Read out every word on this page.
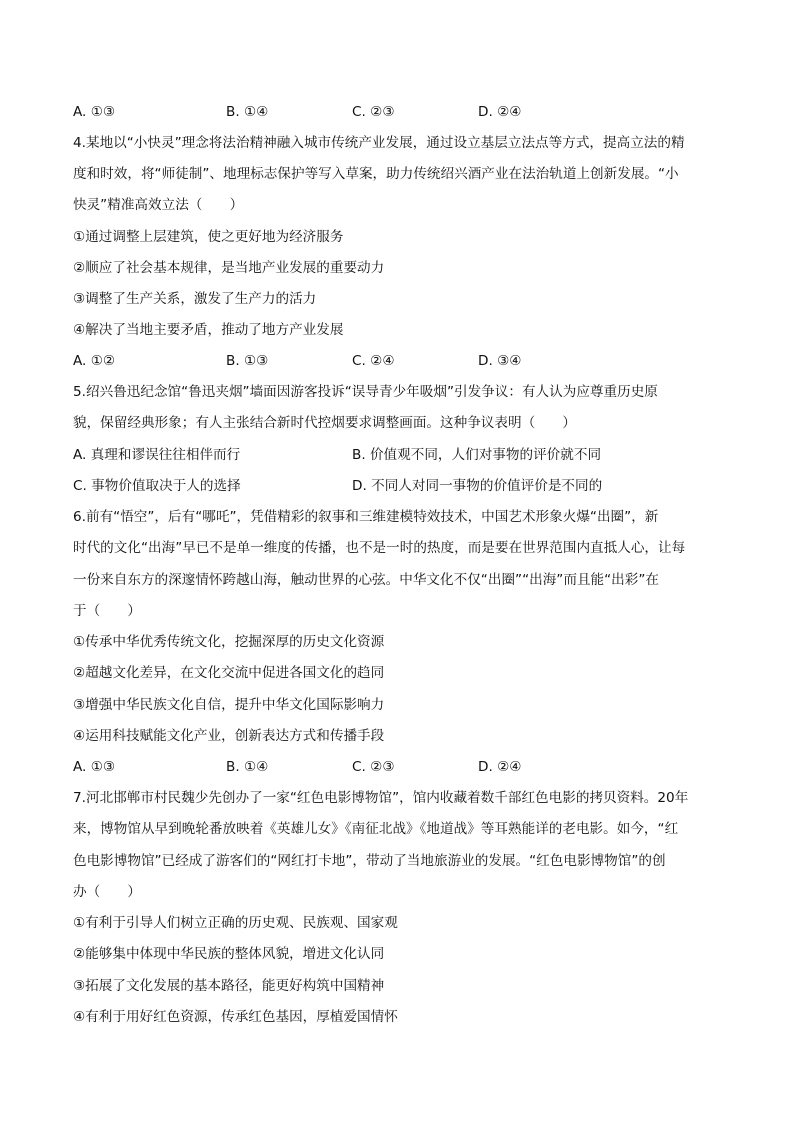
A. ①③	B. ①④	C. ②③	D. ②④
4.某地以“小快灵”理念将法治精神融入城市传统产业发展，通过设立基层立法点等方式，提高立法的精
度和时效，将“师徒制”、地理标志保护等写入草案，助力传统绍兴酒产业在法治轨道上创新发展。“小
快灵”精准高效立法（　　）
①通过调整上层建筑，使之更好地为经济服务
②顺应了社会基本规律，是当地产业发展的重要动力
③调整了生产关系，激发了生产力的活力
④解决了当地主要矛盾，推动了地方产业发展
A. ①②	B. ①③	C. ②④	D. ③④
5.绍兴鲁迅纪念馆“鲁迅夹烟”墙面因游客投诉“误导青少年吸烟”引发争议：有人认为应尊重历史原
貌，保留经典形象；有人主张结合新时代控烟要求调整画面。这种争议表明（　　）
A. 真理和谬误往往相伴而行	B. 价值观不同，人们对事物的评价就不同
C. 事物价值取决于人的选择	D. 不同人对同一事物的价值评价是不同的
6.前有“悟空”，后有“哪吒”，凭借精彩的叙事和三维建模特效技术，中国艺术形象火爆“出圈”，新
时代的文化“出海”早已不是单一维度的传播，也不是一时的热度，而是要在世界范围内直抵人心，让每
一份来自东方的深邃情怀跨越山海，触动世界的心弦。中华文化不仅“出圈”“出海”而且能“出彩”在
于（　　）
①传承中华优秀传统文化，挖掘深厚的历史文化资源
②超越文化差异，在文化交流中促进各国文化的趋同
③增强中华民族文化自信，提升中华文化国际影响力
④运用科技赋能文化产业，创新表达方式和传播手段
A. ①③	B. ①④	C. ②③	D. ②④
7.河北邯郸市村民魏少先创办了一家“红色电影博物馆”，馆内收藏着数千部红色电影的拷贝资料。20年
来，博物馆从早到晚轮番放映着《英雄儿女》《南征北战》《地道战》等耳熟能详的老电影。如今，“红
色电影博物馆”已经成了游客们的“网红打卡地”，带动了当地旅游业的发展。“红色电影博物馆”的创
办（　　）
①有利于引导人们树立正确的历史观、民族观、国家观
②能够集中体现中华民族的整体风貌，增进文化认同
③拓展了文化发展的基本路径，能更好构筑中国精神
④有利于用好红色资源，传承红色基因，厚植爱国情怀
